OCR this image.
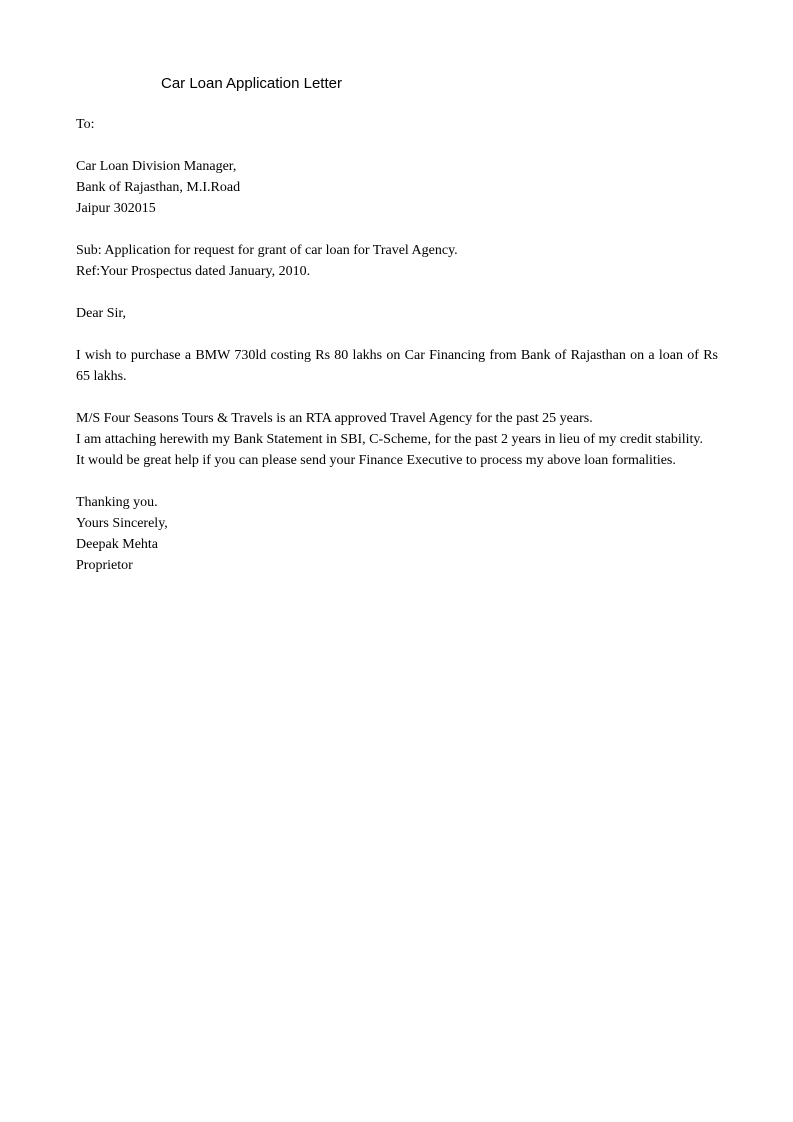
Car Loan Application Letter
To:
Car Loan Division Manager,
Bank of Rajasthan, M.I.Road
Jaipur 302015
Sub: Application for request for grant of car loan for Travel Agency.
Ref:Your Prospectus dated January, 2010.
Dear Sir,
I wish to purchase a BMW 730ld costing Rs 80 lakhs on Car Financing from Bank of Rajasthan on a loan of Rs 65 lakhs.
M/S Four Seasons Tours & Travels is an RTA approved Travel Agency for the past 25 years.
I am attaching herewith my Bank Statement in SBI, C-Scheme, for the past 2 years in lieu of my credit stability.
It would be great help if you can please send your Finance Executive to process my above loan formalities.
Thanking you.
Yours Sincerely,
Deepak Mehta
Proprietor
